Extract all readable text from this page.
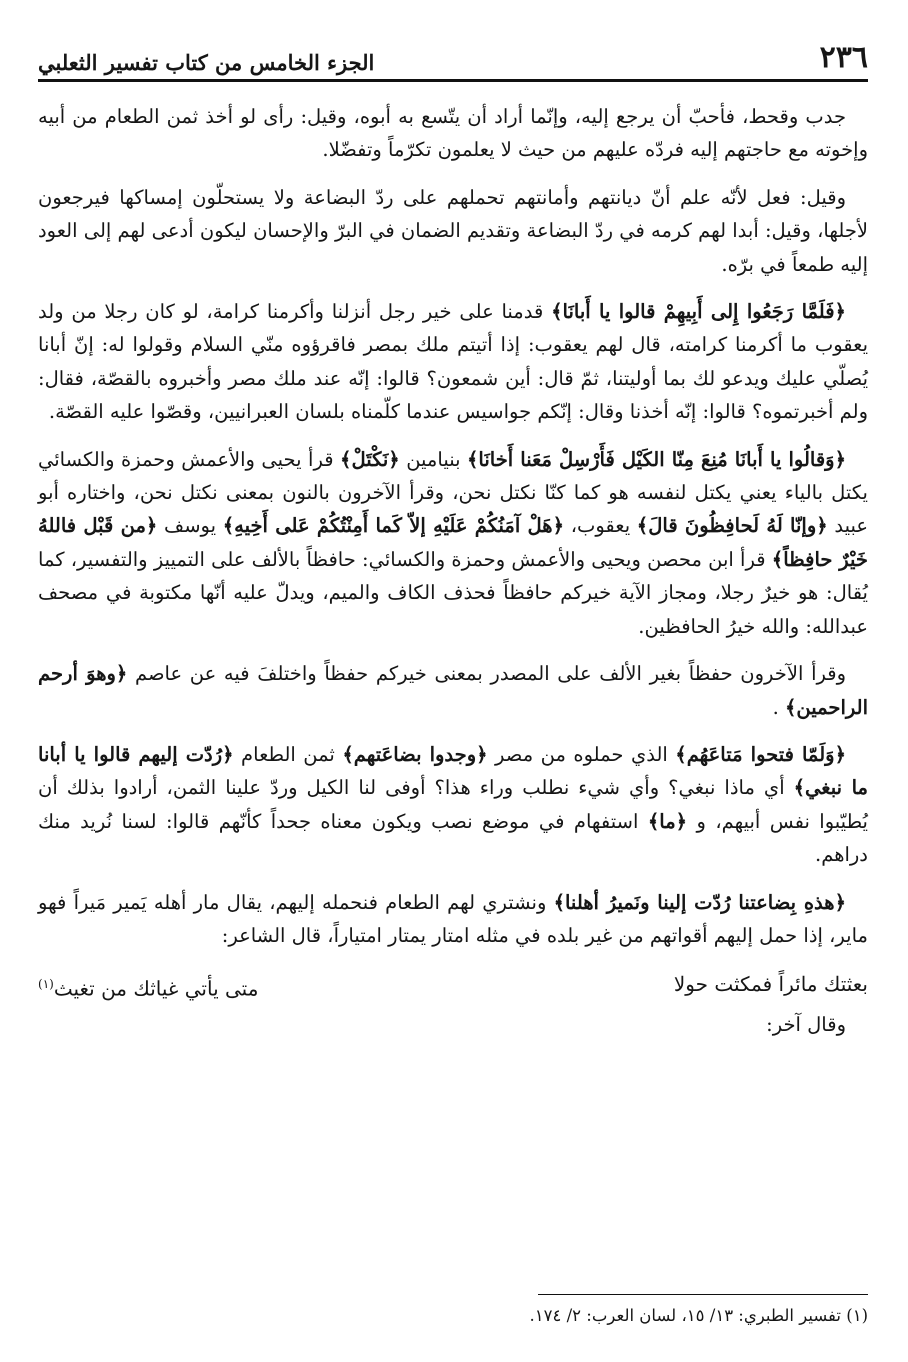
٢٣٦
الجزء الخامس من كتاب تفسير الثعلبي

جدب وقحط، فأحبّ أن يرجع إليه، وإنّما أراد أن يتّسع به أبوه، وقيل: رأى لو أخذ ثمن الطعام من أبيه وإخوته مع حاجتهم إليه فردّه عليهم من حيث لا يعلمون تكرّماً وتفضّلا.

وقيل: فعل لأنّه علم أنّ ديانتهم وأمانتهم تحملهم على ردّ البضاعة ولا يستحلّون إمساكها فيرجعون لأجلها، وقيل: أبدا لهم كرمه في ردّ البضاعة وتقديم الضمان في البرّ والإحسان ليكون أدعى لهم إلى العود إليه طمعاً في برّه.

﴿فَلَمَّا رَجَعُوا إِلى أَبِيهِمْ قالوا يا أَبانَا﴾ قدمنا على خير رجل أنزلنا وأكرمنا كرامة، لو كان رجلا من ولد يعقوب ما أكرمنا كرامته، قال لهم يعقوب: إذا أتيتم ملك بمصر فاقرؤوه منّي السلام وقولوا له: إنّ أبانا يُصلّي عليك ويدعو لك بما أوليتنا، ثمّ قال: أين شمعون؟ قالوا: إنّه عند ملك مصر وأخبروه بالقصّة، فقال: ولم أخبرتموه؟ قالوا: إنّه أخذنا وقال: إنّكم جواسيس عندما كلّمناه بلسان العبرانيين، وقصّوا عليه القصّة.

﴿وَقالُوا يا أَبانَا مُنِعَ مِنّا الكَيْل فَأَرْسِلْ مَعَنا أَخانَا﴾ بنيامين ﴿نَكْتَلْ﴾ قرأ يحيى والأعمش وحمزة والكسائي يكتل بالياء يعني يكتل لنفسه هو كما كنّا نكتل نحن، وقرأ الآخرون بالنون بمعنى نكتل نحن، واختاره أبو عبيد ﴿وإنّا لَهُ لَحافِظُونَ قالَ﴾ يعقوب، ﴿هَلْ آمَنُكُمْ عَلَيْهِ إلاّ كَما أَمِنْتُكُمْ عَلى أَخِيهِ﴾ يوسف ﴿من قَبْل فاللهُ خَيْرٌ حافِظاً﴾ قرأ ابن محصن ويحيى والأعمش وحمزة والكسائي: حافظاً بالألف على التمييز والتفسير، كما يُقال: هو خيرٌ رجلا، ومجاز الآية خيركم حافظاً فحذف الكاف والميم، ويدلّ عليه أنّها مكتوبة في مصحف عبدالله: والله خيرُ الحافظين.

وقرأ الآخرون حفظاً بغير الألف على المصدر بمعنى خيركم حفظاً واختلفَ فيه عن عاصم ﴿وهوَ أرحم الراحمين﴾ .

﴿وَلَمّا فتحوا مَتاعَهُم﴾ الذي حملوه من مصر ﴿وجدوا بضاعَتهم﴾ ثمن الطعام ﴿رُدّت إليهم قالوا يا أبانا ما نبغي﴾ أي ماذا نبغي؟ وأي شيء نطلب وراء هذا؟ أوفى لنا الكيل وردّ علينا الثمن، أرادوا بذلك أن يُطيّبوا نفس أبيهم، و ﴿ما﴾ استفهام في موضع نصب ويكون معناه جحداً كأنّهم قالوا: لسنا نُريد منك دراهم.

﴿هذهِ بِضاعتنا رُدّت إلينا ونَميرُ أهلنا﴾ ونشتري لهم الطعام فنحمله إليهم، يقال مار أهله يَمير مَيراً فهو ماير، إذا حمل إليهم أقواتهم من غير بلده في مثله امتار يمتار امتياراً، قال الشاعر:

بعثتك مائراً فمكثت حولا
متى يأتي غياثك من تغيث$^{(١)}$

وقال آخر:

(١) تفسير الطبري: ١٣/ ١٥، لسان العرب: ٢/ ١٧٤.
